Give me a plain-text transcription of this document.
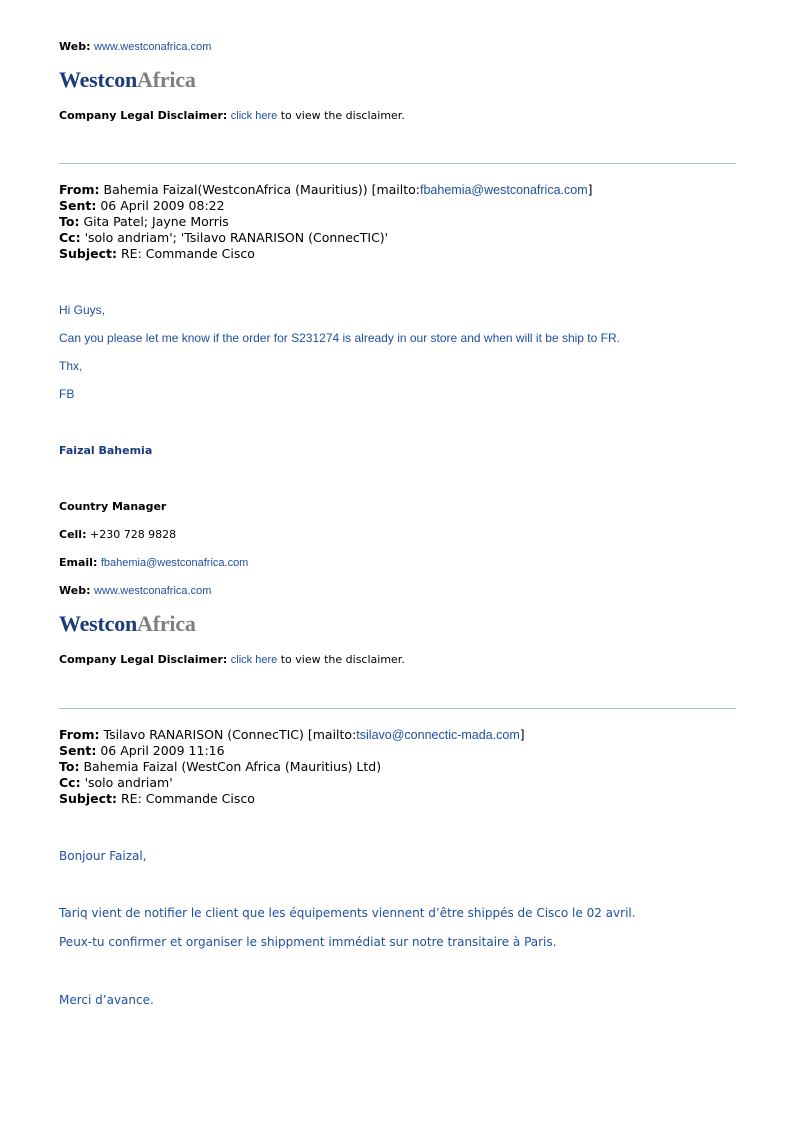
Web: www.westconafrica.com
WestconAfrica
Company Legal Disclaimer: click here to view the disclaimer.
From: Bahemia Faizal(WestconAfrica (Mauritius)) [mailto:fbahemia@westconafrica.com]
Sent: 06 April 2009 08:22
To: Gita Patel; Jayne Morris
Cc: 'solo andriam'; 'Tsilavo RANARISON (ConnecTIC)'
Subject: RE: Commande Cisco
Hi Guys,
Can you please let me know if the order for S231274 is already in our store and when will it be ship to FR.
Thx,
FB
Faizal Bahemia
Country Manager
Cell: +230 728 9828
Email: fbahemia@westconafrica.com
Web: www.westconafrica.com
WestconAfrica
Company Legal Disclaimer: click here to view the disclaimer.
From: Tsilavo RANARISON (ConnecTIC) [mailto:tsilavo@connectic-mada.com]
Sent: 06 April 2009 11:16
To: Bahemia Faizal (WestCon Africa (Mauritius) Ltd)
Cc: 'solo andriam'
Subject: RE: Commande Cisco
Bonjour Faizal,
Tariq vient de notifier le client que les équipements viennent d’être shippés de Cisco le 02 avril.
Peux-tu confirmer et organiser le shippment immédiat sur notre transitaire à Paris.
Merci d’avance.
